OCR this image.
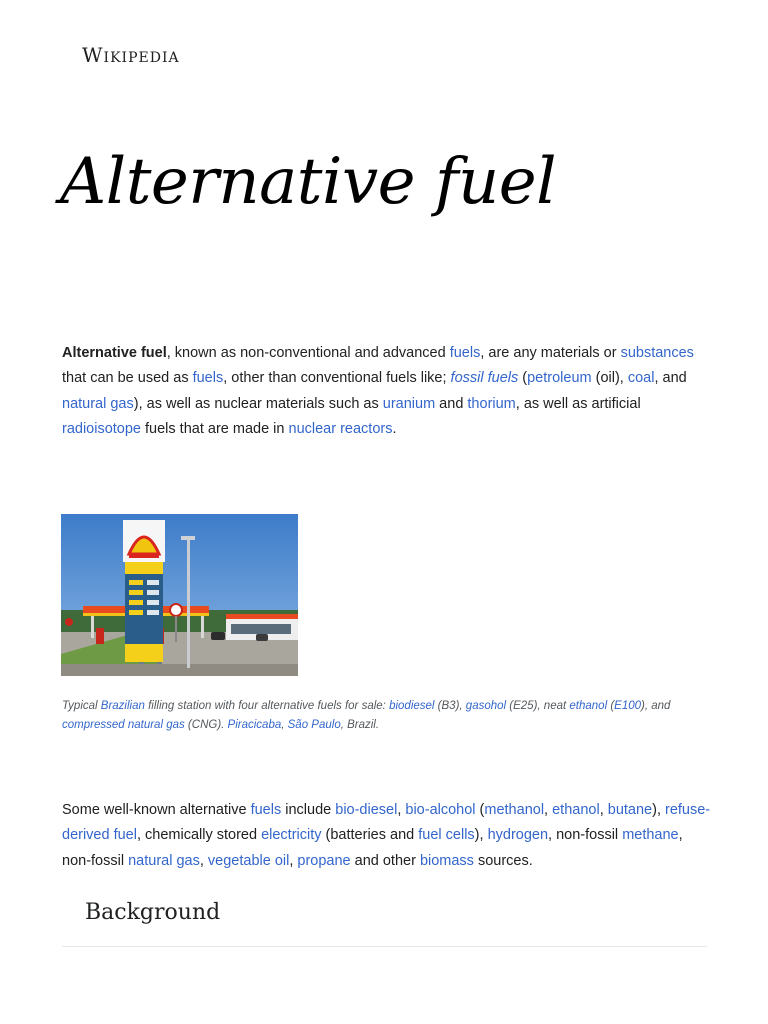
Wikipedia
Alternative fuel

Alternative fuel, known as non-conventional and advanced fuels, are any materials or substances that can be used as fuels, other than conventional fuels like; fossil fuels (petroleum (oil), coal, and natural gas), as well as nuclear materials such as uranium and thorium, as well as artificial radioisotope fuels that are made in nuclear reactors.

Typical Brazilian filling station with four alternative fuels for sale: biodiesel (B3), gasohol (E25), neat ethanol (E100), and compressed natural gas (CNG). Piracicaba, São Paulo, Brazil.

Some well-known alternative fuels include bio-diesel, bio-alcohol (methanol, ethanol, butane), refuse-derived fuel, chemically stored electricity (batteries and fuel cells), hydrogen, non-fossil methane, non-fossil natural gas, vegetable oil, propane and other biomass sources.

Background
